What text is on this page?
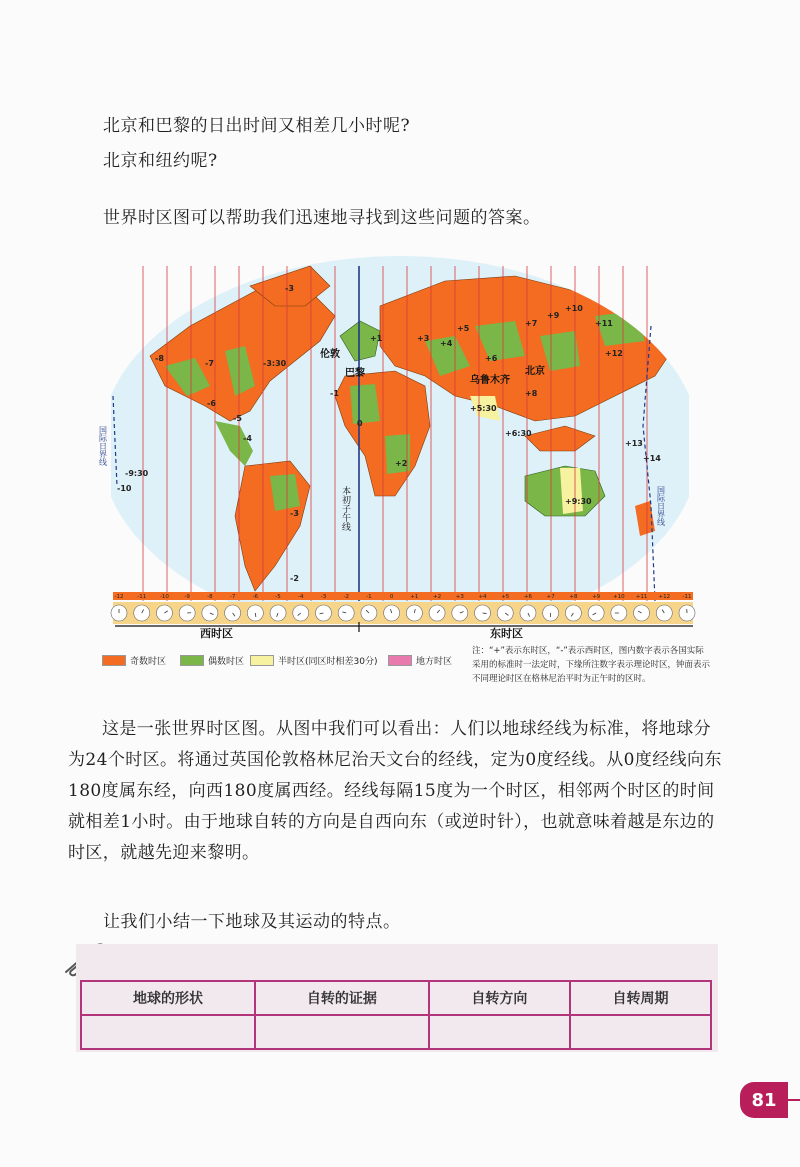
北京和巴黎的日出时间又相差几小时呢?
北京和纽约呢?
世界时区图可以帮助我们迅速地寻找到这些问题的答案。
-3
-7
-8
-6
-5
-4
-3:30
-3
-2
-1
0
+1
+2
+3
+4
+5
+6
+7
+8
+9
+10
+11
+12
+5:30
+6:30
+9:30
+13
+14
-9:30
-10
伦敦
巴黎
乌鲁木齐
北京
本初子午线
国际日界线
国际日界线
-12 -11 -10	-9	-8	-7	-6	-5	-4	-3	-2	-1	0	+1	+2	+3	+4	+5	+6	+7	+8	+9 +10 +11 +12 -11
西时区	东时区
奇数时区	偶数时区	半时区(同区时相差30分)	地方时区
注：“+”表示东时区，“-”表示西时区，图内数字表示各国实际采用的标准时一法定时，下缘所注数字表示理论时区，钟面表示不同理论时区在格林尼治平时为正午时的区时。

这是一张世界时区图。从图中我们可以看出：人们以地球经线为标准，将地球分为24个时区。将通过英国伦敦格林尼治天文台的经线，定为0度经线。从0度经线向东180度属东经，向西180度属西经。经线每隔15度为一个时区，相邻两个时区的时间就相差1小时。由于地球自转的方向是自西向东（或逆时针），也就意味着越是东边的时区，就越先迎来黎明。

让我们小结一下地球及其运动的特点。
地球的形状	自转的证据	自转方向	自转周期

81
